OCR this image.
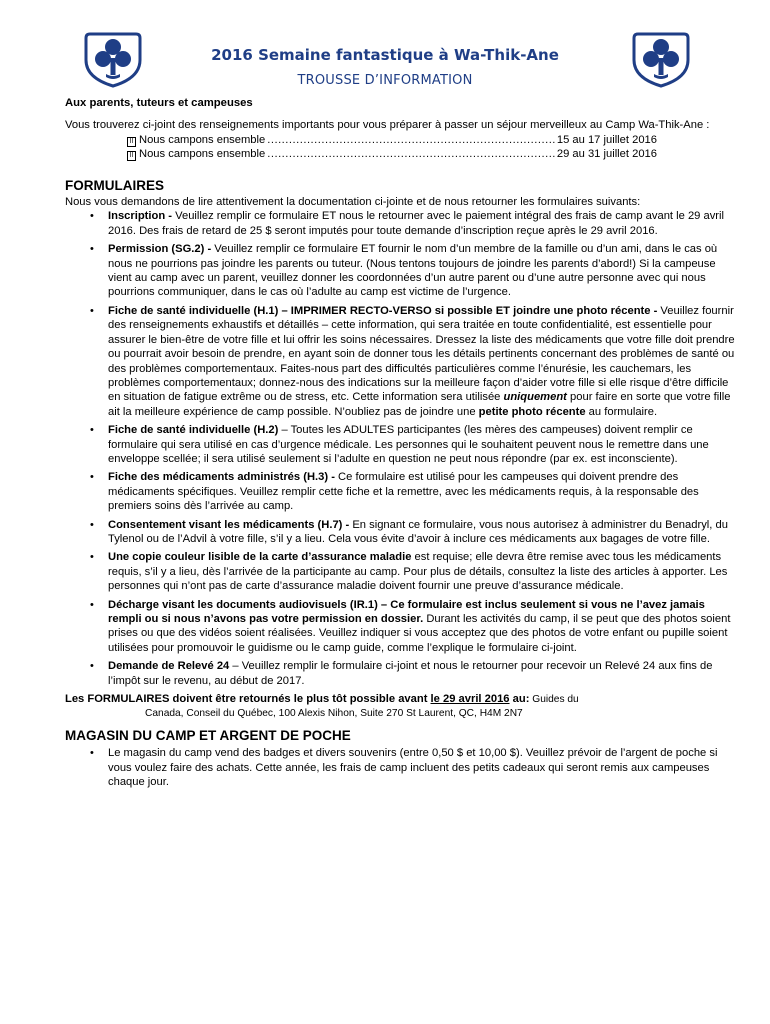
2016 Semaine fantastique à Wa-Thik-Ane
TROUSSE D’INFORMATION

Aux parents, tuteurs et campeuses

Vous trouverez ci-joint des renseignements importants pour vous préparer à passer un séjour merveilleux au Camp Wa-Thik-Ane :

ǀǀ Nous campons ensemble .....	15 au 17 juillet 2016
ǀǀ Nous campons ensemble .....	29 au 31 juillet 2016
FORMULAIRES

Nous vous demandons de lire attentivement la documentation ci-jointe et de nous retourner les formulaires suivants:

• Inscription - Veuillez remplir ce formulaire ET nous le retourner avec le paiement intégral des frais de camp avant le 29 avril 2016. Des frais de retard de 25 $ seront imputés pour toute demande d’inscription reçue après le 29 avril 2016.
• Permission (SG.2) - Veuillez remplir ce formulaire ET fournir le nom d’un membre de la famille ou d’un ami, dans le cas où nous ne pourrions pas joindre les parents ou tuteur. (Nous tentons toujours de joindre les parents d’abord!) Si la campeuse vient au camp avec un parent, veuillez donner les coordonnées d’un autre parent ou d’une autre personne avec qui nous pourrions communiquer, dans le cas où l’adulte au camp est victime de l’urgence.
• Fiche de santé individuelle (H.1) – IMPRIMER RECTO-VERSO si possible ET joindre une photo récente - Veuillez fournir des renseignements exhaustifs et détaillés – cette information, qui sera traitée en toute confidentialité, est essentielle pour assurer le bien-être de votre fille et lui offrir les soins nécessaires. Dressez la liste des médicaments que votre fille doit prendre ou pourrait avoir besoin de prendre, en ayant soin de donner tous les détails pertinents concernant des problèmes de santé ou des problèmes comportementaux. Faites-nous part des difficultés particulières comme l’énurésie, les cauchemars, les problèmes comportementaux; donnez-nous des indications sur la meilleure façon d’aider votre fille si elle risque d’être difficile en situation de fatigue extrême ou de stress, etc. Cette information sera utilisée uniquement pour faire en sorte que votre fille ait la meilleure expérience de camp possible. N’oubliez pas de joindre une petite photo récente au formulaire.
• Fiche de santé individuelle (H.2) – Toutes les ADULTES participantes (les mères des campeuses) doivent remplir ce formulaire qui sera utilisé en cas d’urgence médicale. Les personnes qui le souhaitent peuvent nous le remettre dans une enveloppe scellée; il sera utilisé seulement si l’adulte en question ne peut nous répondre (par ex. est inconsciente).
• Fiche des médicaments administrés (H.3) - Ce formulaire est utilisé pour les campeuses qui doivent prendre des médicaments spécifiques. Veuillez remplir cette fiche et la remettre, avec les médicaments requis, à la responsable des premiers soins dès l’arrivée au camp.
• Consentement visant les médicaments (H.7) - En signant ce formulaire, vous nous autorisez à administrer du Benadryl, du Tylenol ou de l’Advil à votre fille, s’il y a lieu. Cela vous évite d’avoir à inclure ces médicaments aux bagages de votre fille.
• Une copie couleur lisible de la carte d’assurance maladie est requise; elle devra être remise avec tous les médicaments requis, s’il y a lieu, dès l’arrivée de la participante au camp. Pour plus de détails, consultez la liste des articles à apporter. Les personnes qui n’ont pas de carte d’assurance maladie doivent fournir une preuve d’assurance médicale.
• Décharge visant les documents audiovisuels (IR.1) – Ce formulaire est inclus seulement si vous ne l’avez jamais rempli ou si nous n’avons pas votre permission en dossier. Durant les activités du camp, il se peut que des photos soient prises ou que des vidéos soient réalisées. Veuillez indiquer si vous acceptez que des photos de votre enfant ou pupille soient utilisées pour promouvoir le guidisme ou le camp guide, comme l’explique le formulaire ci-joint.
• Demande de Relevé 24 – Veuillez remplir le formulaire ci-joint et nous le retourner pour recevoir un Relevé 24 aux fins de l’impôt sur le revenu, au début de 2017.

Les FORMULAIRES doivent être retournés le plus tôt possible avant le 29 avril 2016 au: Guides du
Canada, Conseil du Québec, 100 Alexis Nihon, Suite 270 St Laurent, QC, H4M 2N7

MAGASIN DU CAMP ET ARGENT DE POCHE
• Le magasin du camp vend des badges et divers souvenirs (entre 0,50 $ et 10,00 $). Veuillez prévoir de l’argent de poche si vous voulez faire des achats. Cette année, les frais de camp incluent des petits cadeaux qui seront remis aux campeuses chaque jour.
